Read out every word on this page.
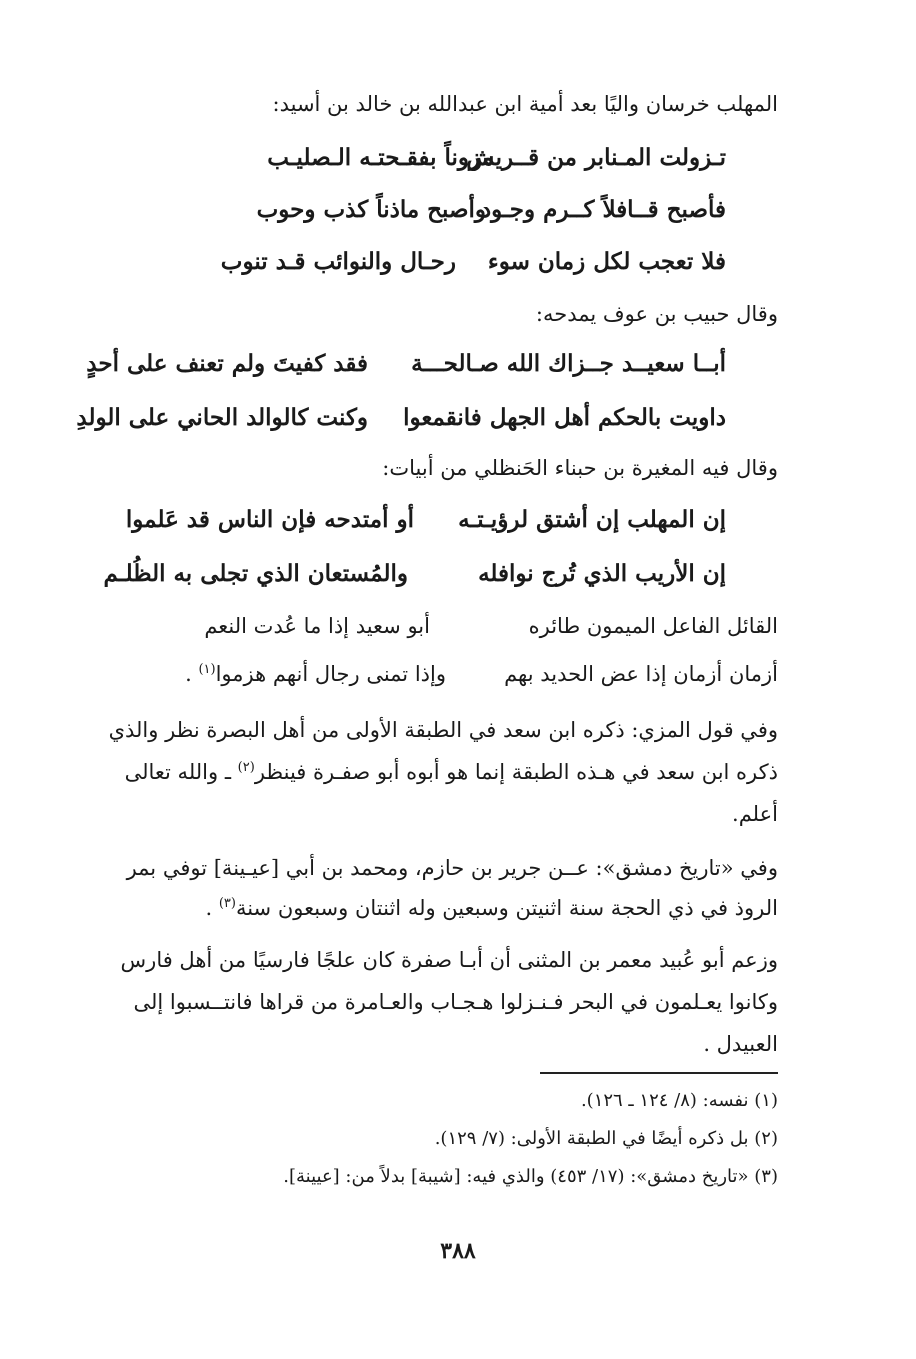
المهلب خرسان واليًا بعد أمية ابن عبدالله بن خالد بن أسيد:
تـزولت المـنابر من قــريش
مزوناً بفقـحتـه الـصليـب
فأصبح قــافلاً كــرم وجـود
وأصبح ماذناً كذب وحوب
فلا تعجب لكل زمان سوء
رحـال والنوائب قـد تنوب
وقال حبيب بن عوف يمدحه:
أبــا سعيــد جــزاك الله صـالحـــة
فقد كفيتَ ولم تعنف على أحدٍ
داويت بالحكم أهل الجهل فانقمعوا
وكنت كالوالد الحاني على الولدِ
وقال فيه المغيرة بن حبناء الحَنظلي من أبيات:
إن المهلب إن أشتق لرؤيـتـه
أو أمتدحه فإن الناس قد عَلموا
إن الأريب الذي تُرج نوافله
والمُستعان الذي تجلى به الظُلـم
القائل الفاعل الميمون طائره
أبو سعيد إذا ما عُدت النعم
أزمان أزمان إذا عض الحديد بهم
وإذا تمنى رجال أنهم هزموا$^{(١)}$ .
وفي قول المزي: ذكره ابن سعد في الطبقة الأولى من أهل البصرة نظر والذي
ذكره ابن سعد في هـذه الطبقة إنما هو أبوه أبو صفـرة فينظر$^{(٢)}$ ـ والله تعالى
أعلم.
وفي «تاريخ دمشق»: عــن جرير بن حازم، ومحمد بن أبي [عيـينة] توفي بمر
الروذ في ذي الحجة سنة اثنيتن وسبعين وله اثنتان وسبعون سنة$^{(٣)}$ .
وزعم أبو عُبيد معمر بن المثنى أن أبـا صفرة كان علجًا فارسيًا من أهل فارس
وكانوا يعـلمون في البحر فـنـزلوا هـجـاب والعـامرة من قراها فانتــسبوا إلى
العبيدل .
(١) نفسه: (٨/ ١٢٤ ـ ١٢٦).
(٢) بل ذكره أيضًا في الطبقة الأولى: (٧/ ١٢٩).
(٣) «تاريخ دمشق»: (١٧/ ٤٥٣) والذي فيه: [شيبة] بدلاً من: [عيينة].
٣٨٨
